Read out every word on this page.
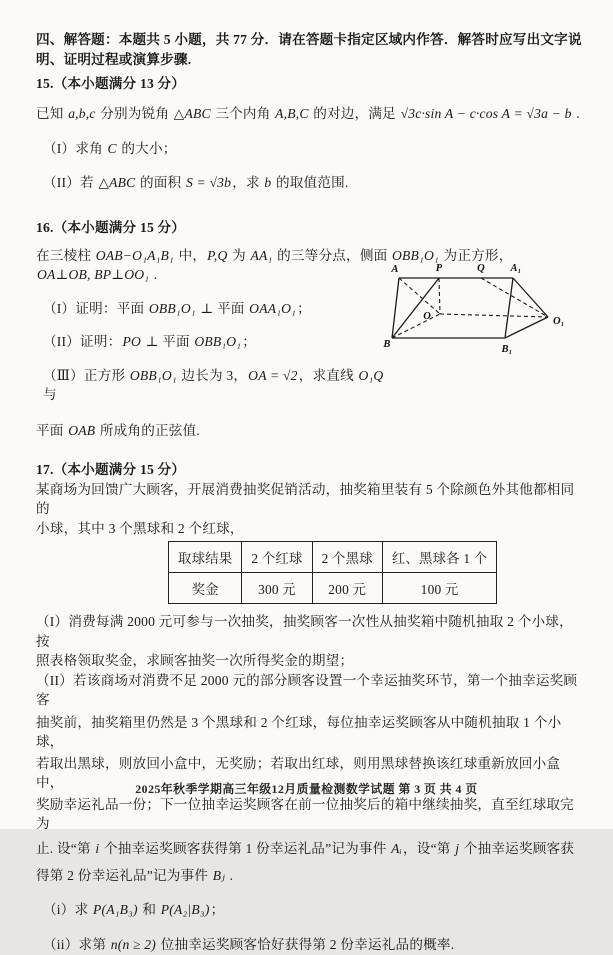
四、解答题：本题共 5 小题，共 77 分．请在答题卡指定区域内作答．解答时应写出文字说

明、证明过程或演算步骤.

15.（本小题满分 13 分）

已知 a,b,c 分别为锐角 △ABC 三个内角 A,B,C 的对边，满足 √3c·sin A − c·cos A = √3a − b .

（I）求角 C 的大小；

（II）若 △ABC 的面积 S = √3b，求 b 的取值范围.

16.（本小题满分 15 分）

在三棱柱 OAB−O₁A₁B₁ 中，P,Q 为 AA₁ 的三等分点，侧面 OBB₁O₁ 为正方形， OA⊥OB, BP⊥OO₁ .

（I）证明：平面 OBB₁O₁ ⊥ 平面 OAA₁O₁；

（II）证明：PO ⊥ 平面 OBB₁O₁；

（Ⅲ）正方形 OBB₁O₁ 边长为 3，OA = √2，求直线 O₁Q 与

平面 OAB 所成角的正弦值.

A	P	Q A₁
O	O₁
B	B₁

17.（本小题满分 15 分）

某商场为回馈广大顾客，开展消费抽奖促销活动，抽奖箱里装有 5 个除颜色外其他都相同的

小球，其中 3 个黑球和 2 个红球，

取球结果	2 个红球	2 个黑球	红、黑球各 1 个
奖金	300 元	200 元	100 元

（I）消费每满 2000 元可参与一次抽奖，抽奖顾客一次性从抽奖箱中随机抽取 2 个小球，按

照表格领取奖金，求顾客抽奖一次所得奖金的期望；

（II）若该商场对消费不足 2000 元的部分顾客设置一个幸运抽奖环节，第一个抽幸运奖顾客

抽奖前，抽奖箱里仍然是 3 个黑球和 2 个红球，每位抽幸运奖顾客从中随机抽取 1 个小球，

若取出黑球，则放回小盒中，无奖励；若取出红球，则用黑球替换该红球重新放回小盒中，

奖励幸运礼品一份；下一位抽幸运奖顾客在前一位抽奖后的箱中继续抽奖，直至红球取完为

止. 设“第 i 个抽幸运奖顾客获得第 1 份幸运礼品”记为事件 Aᵢ，设“第 j 个抽幸运奖顾客获

得第 2 份幸运礼品”记为事件 Bⱼ .

（i）求 P(A₁B₃) 和 P(A₂|B₃)；

（ii）求第 n(n ≥ 2) 位抽幸运奖顾客恰好获得第 2 份幸运礼品的概率.

2025年秋季学期高三年级12月质量检测数学试题 第 3 页 共 4 页
